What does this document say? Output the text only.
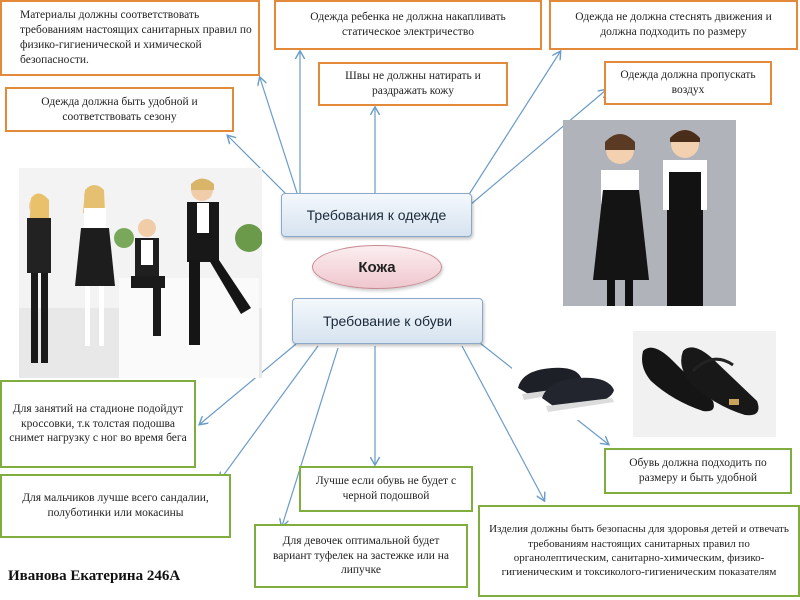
Материалы должны соответствовать требованиям настоящих санитарных правил по физико-гигиенической и химической безопасности.
Одежда ребенка не должна накапливать статическое электричество
Одежда не должна стеснять движения и должна подходить по размеру
Швы не должны натирать и раздражать кожу
Одежда должна пропускать воздух
Одежда должна быть удобной и соответствовать сезону
Требования к одежде
Кожа
Требование к обуви
Для занятий на стадионе подойдут кроссовки, т.к толстая подошва снимет нагрузку с ног во время бега
Для мальчиков лучше всего сандалии, полуботинки или мокасины
Лучше если обувь не будет с черной подошвой
Для девочек оптимальной будет вариант туфелек на застежке или на липучке
Обувь должна подходить по размеру и быть удобной
Изделия должны быть безопасны для здоровья детей и отвечать требованиям настоящих санитарных правил по органолептическим, санитарно-химическим, физико-гигиеническим и токсиколого-гигиеническим показателям
Иванова Екатерина 246А
